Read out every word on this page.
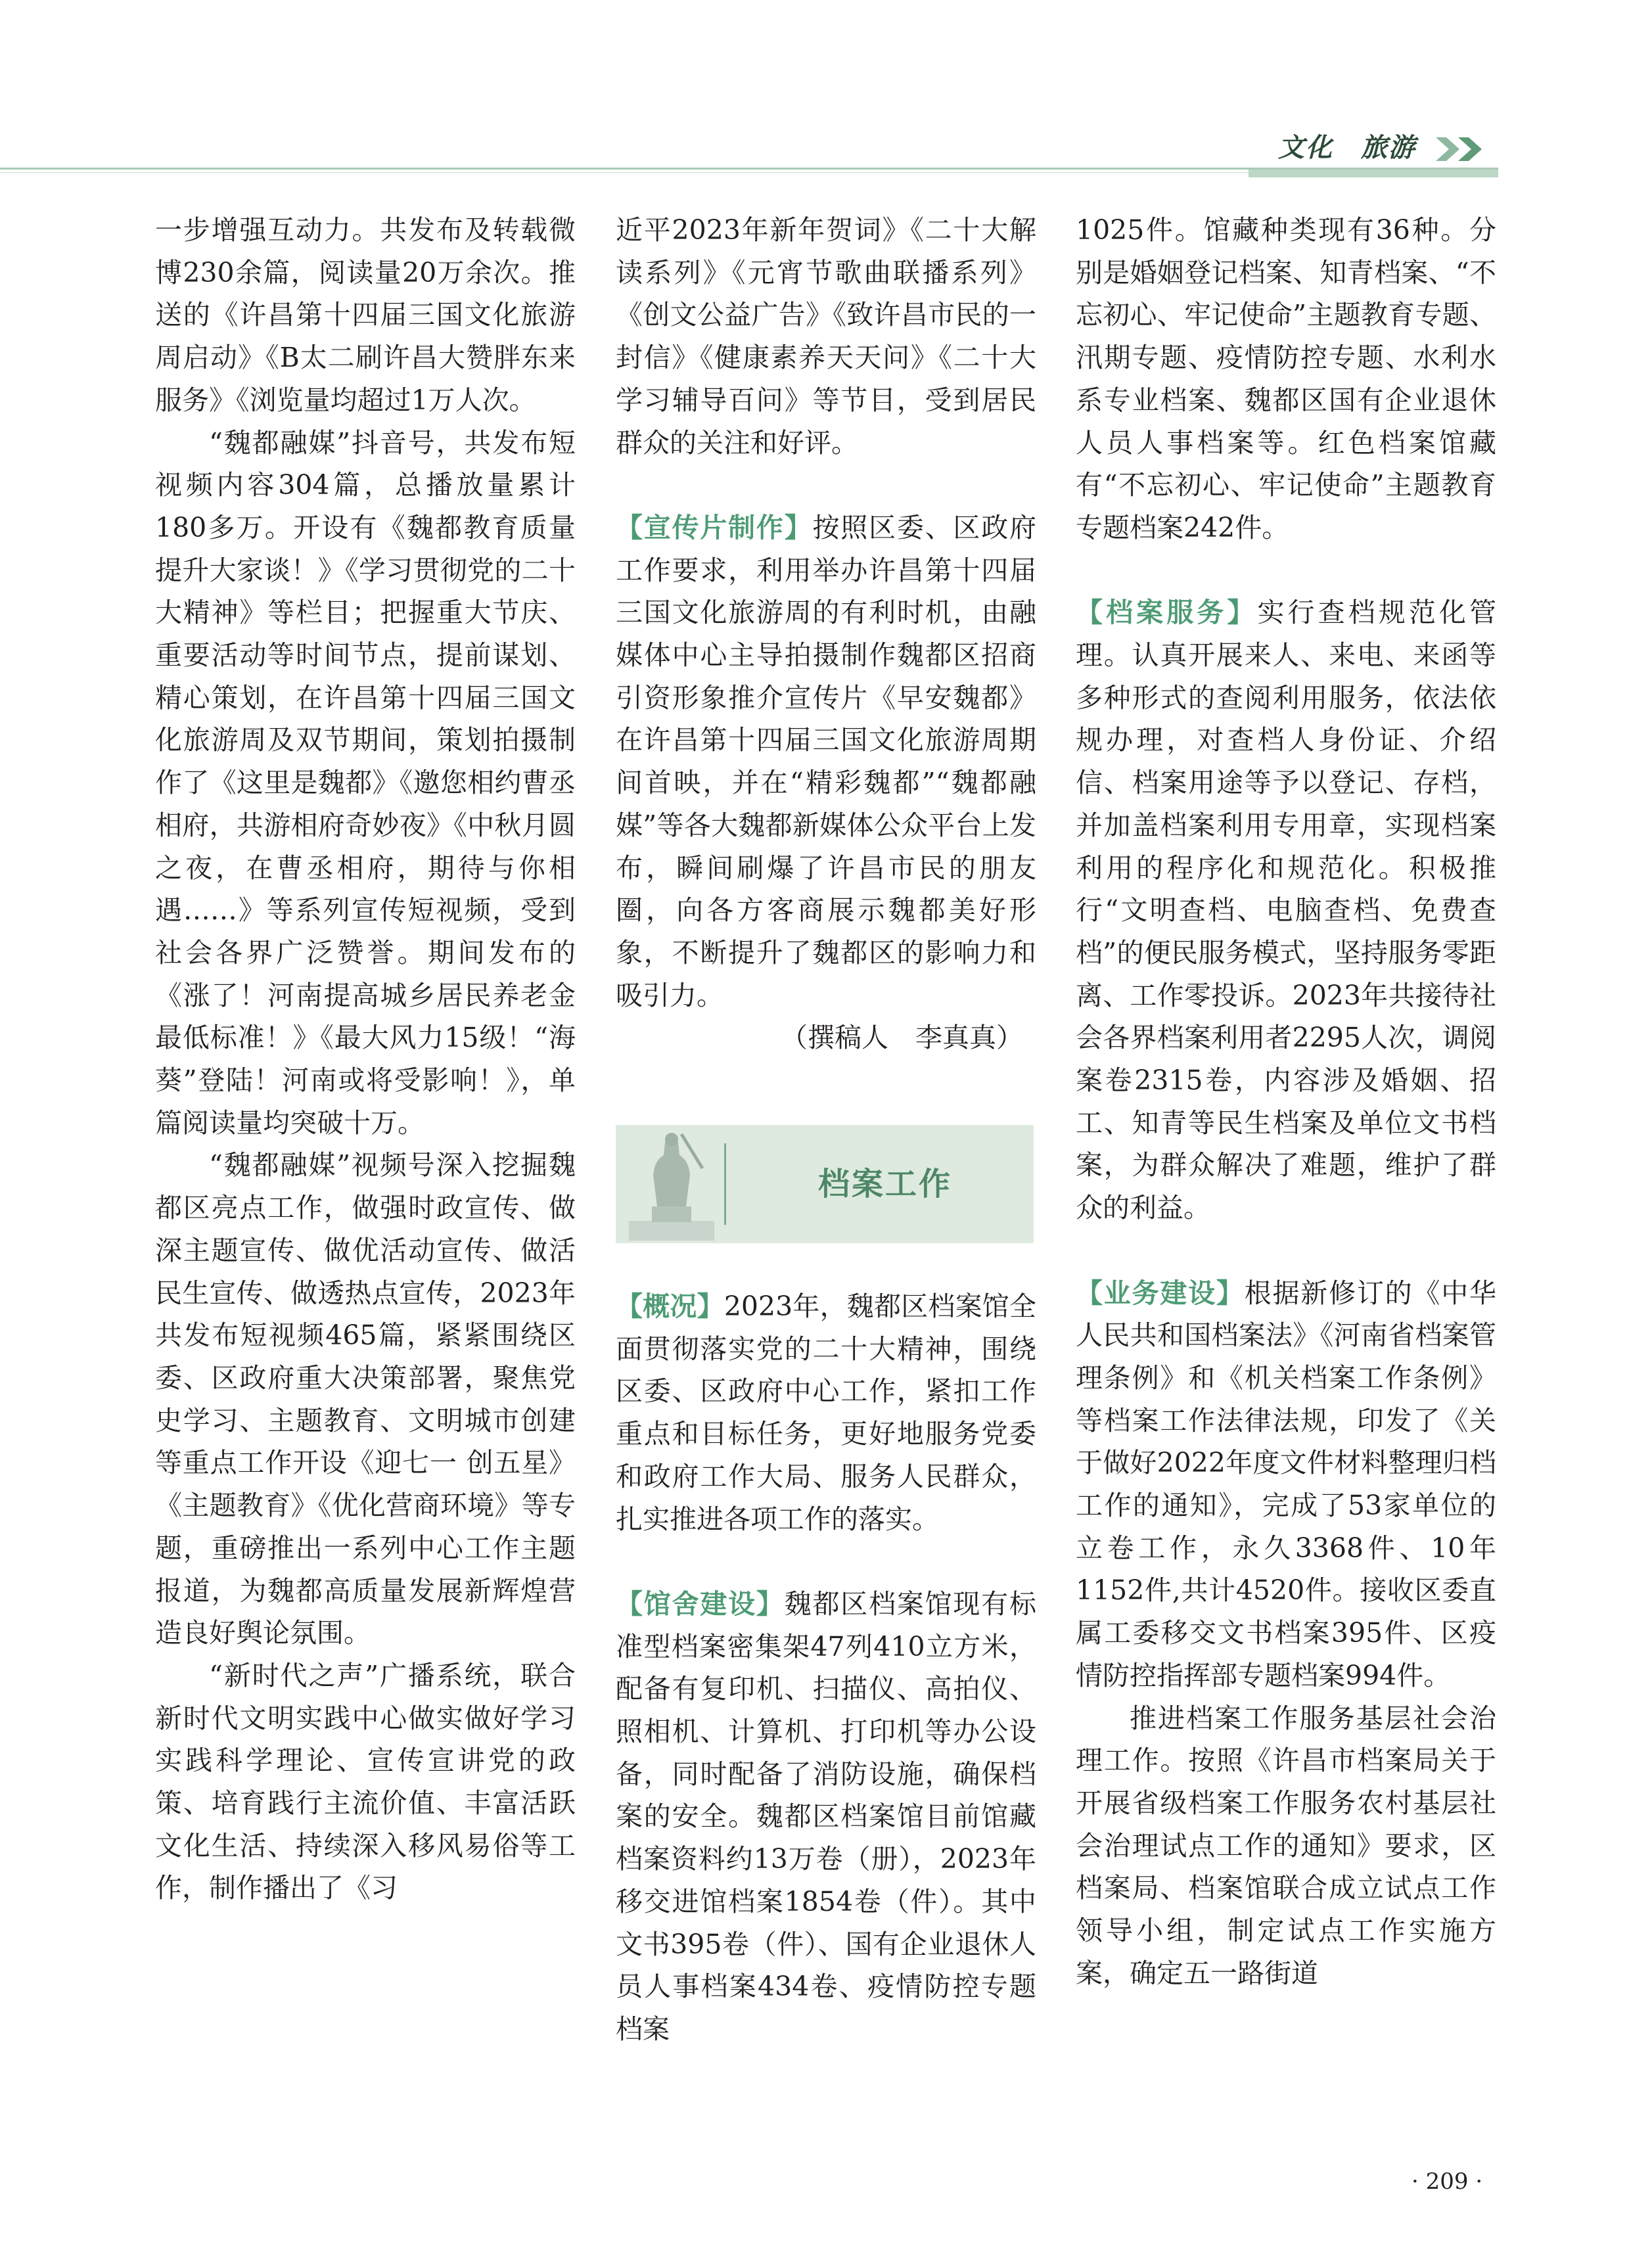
文化　旅游

一步增强互动力。共发布及转载微博230余篇，阅读量20万余次。推送的《许昌第十四届三国文化旅游周启动》《B太二刷许昌大赞胖东来服务》《浏览量均超过1万人次。

“魏都融媒”抖音号，共发布短视频内容304篇，总播放量累计180多万。开设有《魏都教育质量提升大家谈！》《学习贯彻党的二十大精神》等栏目；把握重大节庆、重要活动等时间节点，提前谋划、精心策划，在许昌第十四届三国文化旅游周及双节期间，策划拍摄制作了《这里是魏都》《邀您相约曹丞相府，共游相府奇妙夜》《中秋月圆之夜，在曹丞相府，期待与你相遇……》等系列宣传短视频，受到社会各界广泛赞誉。期间发布的《涨了！河南提高城乡居民养老金最低标准！》《最大风力15级！“海葵”登陆！河南或将受影响！》，单篇阅读量均突破十万。

“魏都融媒”视频号深入挖掘魏都区亮点工作，做强时政宣传、做深主题宣传、做优活动宣传、做活民生宣传、做透热点宣传，2023年共发布短视频465篇，紧紧围绕区委、区政府重大决策部署，聚焦党史学习、主题教育、文明城市创建等重点工作开设《迎七一 创五星》《主题教育》《优化营商环境》等专题，重磅推出一系列中心工作主题报道，为魏都高质量发展新辉煌营造良好舆论氛围。

“新时代之声”广播系统，联合新时代文明实践中心做实做好学习实践科学理论、宣传宣讲党的政策、培育践行主流价值、丰富活跃文化生活、持续深入移风易俗等工作，制作播出了《习

近平2023年新年贺词》《二十大解读系列》《元宵节歌曲联播系列》《创文公益广告》《致许昌市民的一封信》《健康素养天天问》《二十大学习辅导百问》等节目，受到居民群众的关注和好评。

【宣传片制作】按照区委、区政府工作要求，利用举办许昌第十四届三国文化旅游周的有利时机，由融媒体中心主导拍摄制作魏都区招商引资形象推介宣传片《早安魏都》在许昌第十四届三国文化旅游周期间首映，并在“精彩魏都”“魏都融媒”等各大魏都新媒体公众平台上发布，瞬间刷爆了许昌市民的朋友圈，向各方客商展示魏都美好形象，不断提升了魏都区的影响力和吸引力。

（撰稿人　李真真）

档案工作

【概况】2023年，魏都区档案馆全面贯彻落实党的二十大精神，围绕区委、区政府中心工作，紧扣工作重点和目标任务，更好地服务党委和政府工作大局、服务人民群众，扎实推进各项工作的落实。

【馆舍建设】魏都区档案馆现有标准型档案密集架47列410立方米，配备有复印机、扫描仪、高拍仪、照相机、计算机、打印机等办公设备，同时配备了消防设施，确保档案的安全。魏都区档案馆目前馆藏档案资料约13万卷（册），2023年移交进馆档案1854卷（件）。其中文书395卷（件）、国有企业退休人员人事档案434卷、疫情防控专题档案

1025件。馆藏种类现有36种。分别是婚姻登记档案、知青档案、“不忘初心、牢记使命”主题教育专题、汛期专题、疫情防控专题、水利水系专业档案、魏都区国有企业退休人员人事档案等。红色档案馆藏有“不忘初心、牢记使命”主题教育专题档案242件。

【档案服务】实行查档规范化管理。认真开展来人、来电、来函等多种形式的查阅利用服务，依法依规办理，对查档人身份证、介绍信、档案用途等予以登记、存档，并加盖档案利用专用章，实现档案利用的程序化和规范化。积极推行“文明查档、电脑查档、免费查档”的便民服务模式，坚持服务零距离、工作零投诉。2023年共接待社会各界档案利用者2295人次，调阅案卷2315卷，内容涉及婚姻、招工、知青等民生档案及单位文书档案，为群众解决了难题，维护了群众的利益。

【业务建设】根据新修订的《中华人民共和国档案法》《河南省档案管理条例》和《机关档案工作条例》等档案工作法律法规，印发了《关于做好2022年度文件材料整理归档工作的通知》，完成了53家单位的立卷工作，永久3368件、10年1152件,共计4520件。接收区委直属工委移交文书档案395件、区疫情防控指挥部专题档案994件。

推进档案工作服务基层社会治理工作。按照《许昌市档案局关于开展省级档案工作服务农村基层社会治理试点工作的通知》要求，区档案局、档案馆联合成立试点工作领导小组，制定试点工作实施方案，确定五一路街道

· 209 ·
